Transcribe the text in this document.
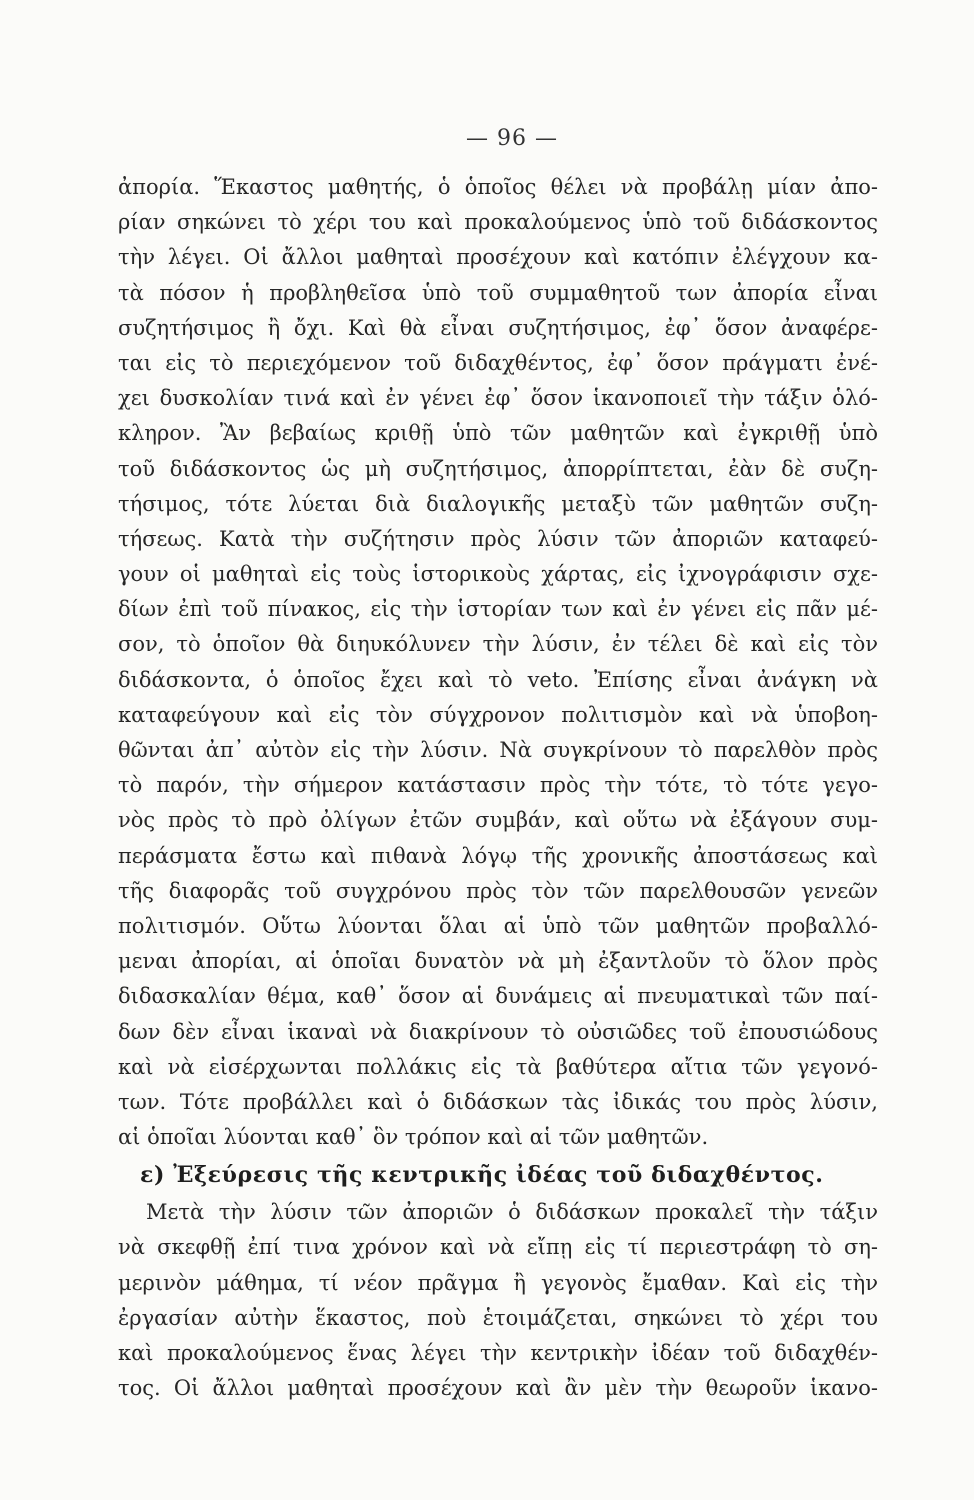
— 96 —
ἀπορία. Ἕκαστος μαθητής, ὁ ὁποῖος θέλει νὰ προβάλῃ μίαν ἀπο-
ρίαν σηκώνει τὸ χέρι του καὶ προκαλούμενος ὑπὸ τοῦ διδάσκοντος
τὴν λέγει. Οἱ ἄλλοι μαθηταὶ προσέχουν καὶ κατόπιν ἐλέγχουν κα-
τὰ πόσον ἡ προβληθεῖσα ὑπὸ τοῦ συμμαθητοῦ των ἀπορία εἶναι
συζητήσιμος ἢ ὄχι. Καὶ θὰ εἶναι συζητήσιμος, ἐφ᾽ ὅσον ἀναφέρε-
ται εἰς τὸ περιεχόμενον τοῦ διδαχθέντος, ἐφ᾽ ὅσον πράγματι ἐνέ-
χει δυσκολίαν τινά καὶ ἐν γένει ἐφ᾽ ὅσον ἱκανοποιεῖ τὴν τάξιν ὁλό-
κληρον. Ἂν βεβαίως κριθῇ ὑπὸ τῶν μαθητῶν καὶ ἐγκριθῇ ὑπὸ
τοῦ διδάσκοντος ὡς μὴ συζητήσιμος, ἀπορρίπτεται, ἐὰν δὲ συζη-
τήσιμος, τότε λύεται διὰ διαλογικῆς μεταξὺ τῶν μαθητῶν συζη-
τήσεως. Κατὰ τὴν συζήτησιν πρὸς λύσιν τῶν ἀποριῶν καταφεύ-
γουν οἱ μαθηταὶ εἰς τοὺς ἱστορικοὺς χάρτας, εἰς ἰχνογράφισιν σχε-
δίων ἐπὶ τοῦ πίνακος, εἰς τὴν ἱστορίαν των καὶ ἐν γένει εἰς πᾶν μέ-
σον, τὸ ὁποῖον θὰ διηυκόλυνεν τὴν λύσιν, ἐν τέλει δὲ καὶ εἰς τὸν
διδάσκοντα, ὁ ὁποῖος ἔχει καὶ τὸ veto. Ἐπίσης εἶναι ἀνάγκη νὰ
καταφεύγουν καὶ εἰς τὸν σύγχρονον πολιτισμὸν καὶ νὰ ὑποβοη-
θῶνται ἀπ᾽ αὐτὸν εἰς τὴν λύσιν. Νὰ συγκρίνουν τὸ παρελθὸν πρὸς
τὸ παρόν, τὴν σήμερον κατάστασιν πρὸς τὴν τότε, τὸ τότε γεγο-
νὸς πρὸς τὸ πρὸ ὀλίγων ἐτῶν συμβάν, καὶ οὕτω νὰ ἐξάγουν συμ-
περάσματα ἔστω καὶ πιθανὰ λόγῳ τῆς χρονικῆς ἀποστάσεως καὶ
τῆς διαφορᾶς τοῦ συγχρόνου πρὸς τὸν τῶν παρελθουσῶν γενεῶν
πολιτισμόν. Οὕτω λύονται ὅλαι αἱ ὑπὸ τῶν μαθητῶν προβαλλό-
μεναι ἀπορίαι, αἱ ὁποῖαι δυνατὸν νὰ μὴ ἐξαντλοῦν τὸ ὅλον πρὸς
διδασκαλίαν θέμα, καθ᾽ ὅσον αἱ δυνάμεις αἱ πνευματικαὶ τῶν παί-
δων δὲν εἶναι ἱκαναὶ νὰ διακρίνουν τὸ οὐσιῶδες τοῦ ἐπουσιώδους
καὶ νὰ εἰσέρχωνται πολλάκις εἰς τὰ βαθύτερα αἴτια τῶν γεγονό-
των. Τότε προβάλλει καὶ ὁ διδάσκων τὰς ἰδικάς του πρὸς λύσιν,
αἱ ὁποῖαι λύονται καθ᾽ ὃν τρόπον καὶ αἱ τῶν μαθητῶν.
ε) Ἐξεύρεσις τῆς κεντρικῆς ἰδέας τοῦ διδαχθέντος.
Μετὰ τὴν λύσιν τῶν ἀποριῶν ὁ διδάσκων προκαλεῖ τὴν τάξιν
νὰ σκεφθῇ ἐπί τινα χρόνον καὶ νὰ εἴπῃ εἰς τί περιεστράφη τὸ ση-
μερινὸν μάθημα, τί νέον πρᾶγμα ἢ γεγονὸς ἔμαθαν. Καὶ εἰς τὴν
ἐργασίαν αὐτὴν ἕκαστος, ποὺ ἑτοιμάζεται, σηκώνει τὸ χέρι του
καὶ προκαλούμενος ἕνας λέγει τὴν κεντρικὴν ἰδέαν τοῦ διδαχθέν-
τος. Οἱ ἄλλοι μαθηταὶ προσέχουν καὶ ἂν μὲν τὴν θεωροῦν ἱκανο-
